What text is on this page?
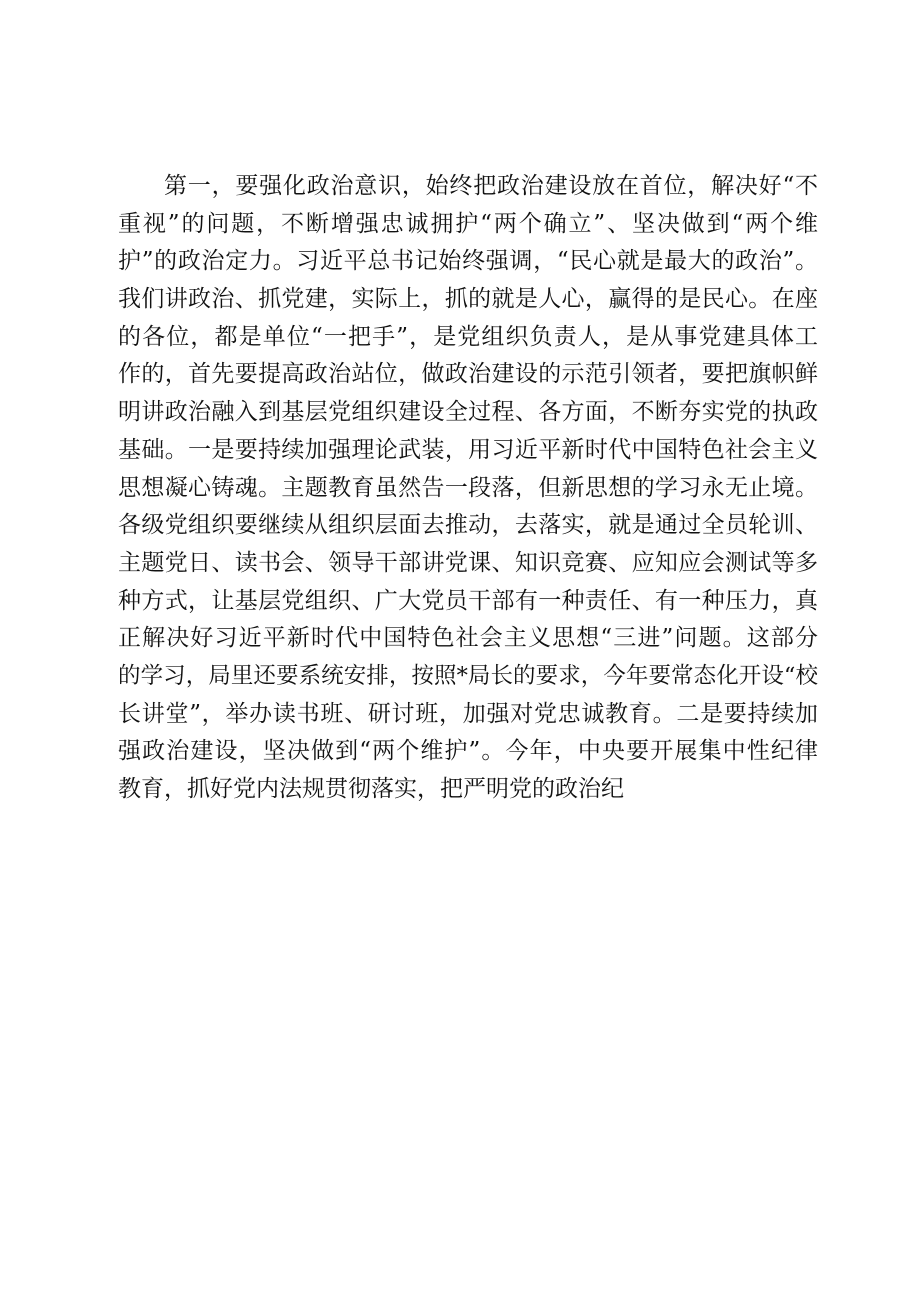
第一，要强化政治意识，始终把政治建设放在首位，解决好“不
重视”的问题，不断增强忠诚拥护“两个确立”、坚决做到“两个维
护”的政治定力。习近平总书记始终强调，“民心就是最大的政治”。
我们讲政治、抓党建，实际上，抓的就是人心，赢得的是民心。在座
的各位，都是单位“一把手”，是党组织负责人，是从事党建具体工
作的，首先要提高政治站位，做政治建设的示范引领者，要把旗帜鲜
明讲政治融入到基层党组织建设全过程、各方面，不断夯实党的执政
基础。一是要持续加强理论武装，用习近平新时代中国特色社会主义
思想凝心铸魂。主题教育虽然告一段落，但新思想的学习永无止境。
各级党组织要继续从组织层面去推动，去落实，就是通过全员轮训、
主题党日、读书会、领导干部讲党课、知识竞赛、应知应会测试等多
种方式，让基层党组织、广大党员干部有一种责任、有一种压力，真
正解决好习近平新时代中国特色社会主义思想“三进”问题。这部分
的学习，局里还要系统安排，按照*局长的要求，今年要常态化开设“校
长讲堂”，举办读书班、研讨班，加强对党忠诚教育。二是要持续加
强政治建设，坚决做到“两个维护”。今年，中央要开展集中性纪律
教育，抓好党内法规贯彻落实，把严明党的政治纪
